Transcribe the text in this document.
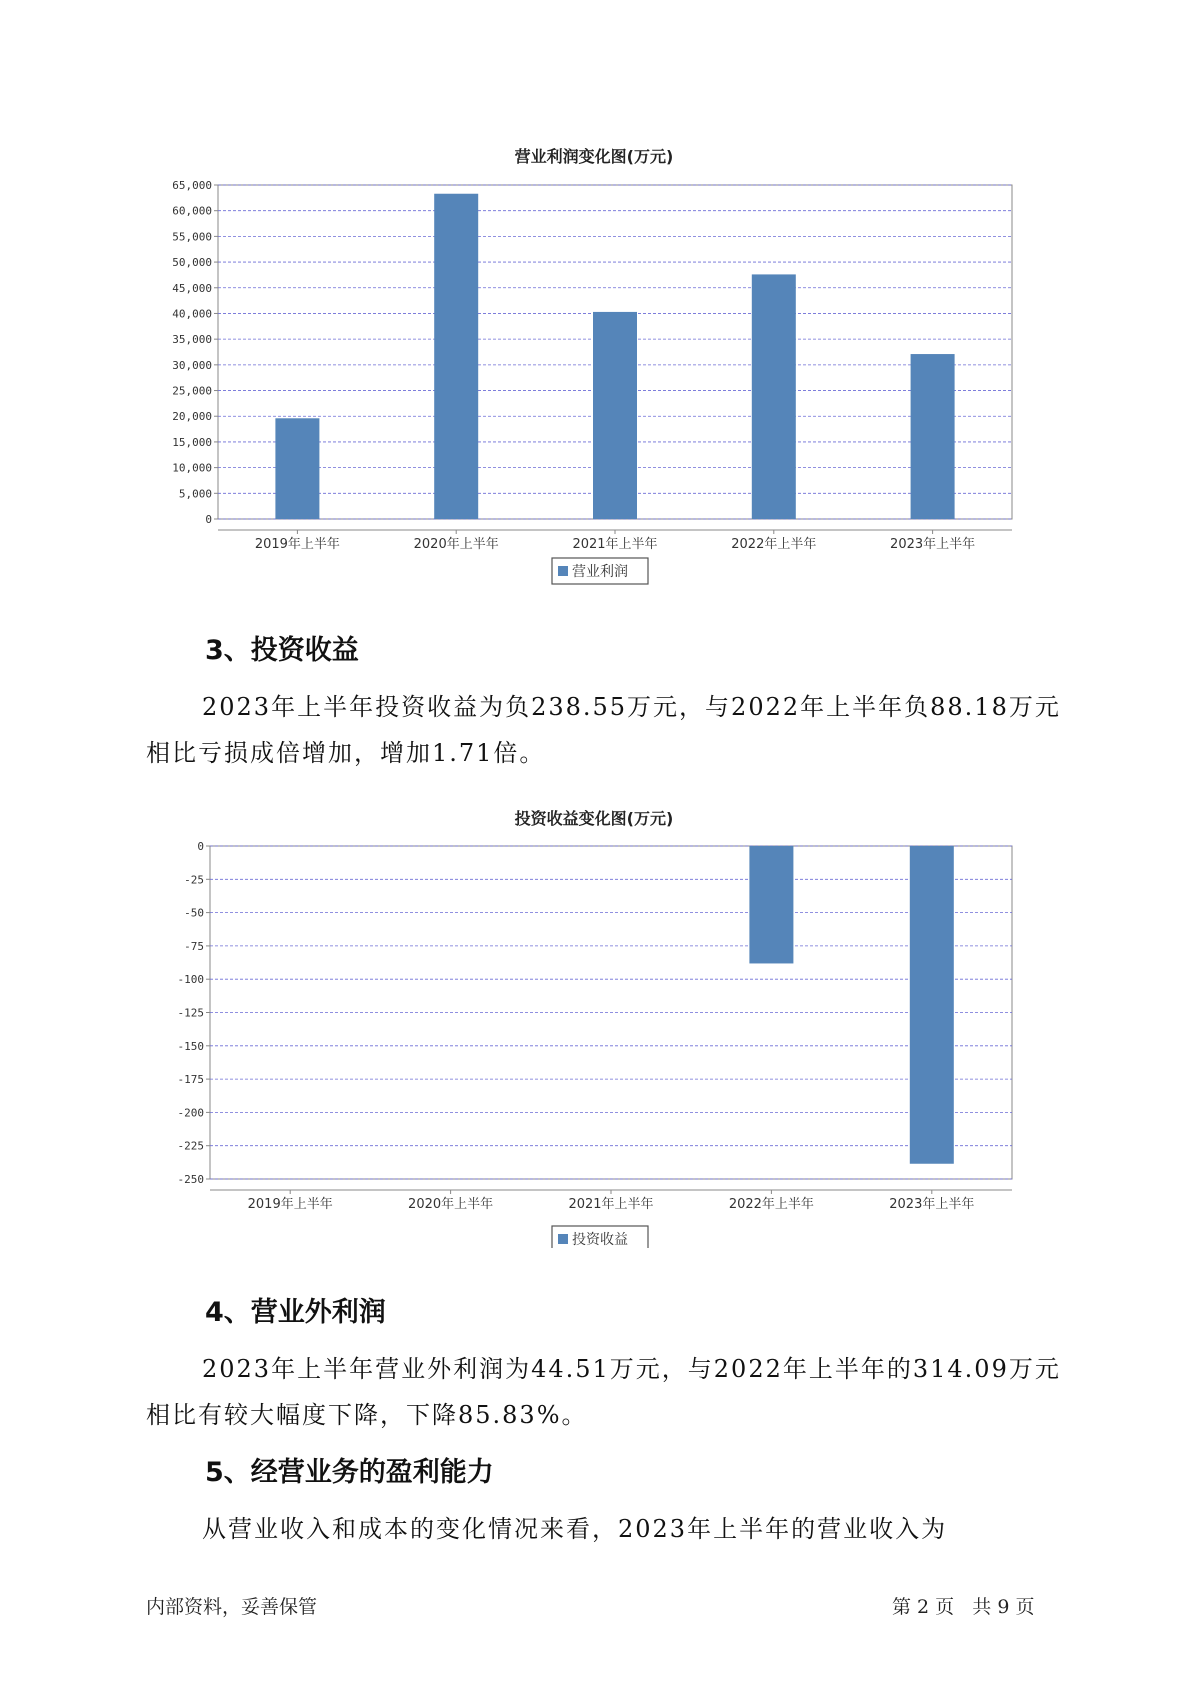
营业利润变化图(万元)
0
5,000
10,000
15,000
20,000
25,000
30,000
35,000
40,000
45,000
50,000
55,000
60,000
65,000
2019年上半年	2020年上半年	2021年上半年	2022年上半年	2023年上半年
营业利润
3、投资收益

2023年上半年投资收益为负238.55万元，与2022年上半年负88.18万元相比亏损成倍增加，增加1.71倍。

投资收益变化图(万元)
0
-25
-50
-75
-100
-125
-150
-175
-200
-225
-250
2019年上半年	2020年上半年	2021年上半年	2022年上半年	2023年上半年
投资收益
4、营业外利润

2023年上半年营业外利润为44.51万元，与2022年上半年的314.09万元相比有较大幅度下降，下降85.83%。

5、经营业务的盈利能力

从营业收入和成本的变化情况来看，2023年上半年的营业收入为

内部资料，妥善保管	第 2 页   共 9 页
